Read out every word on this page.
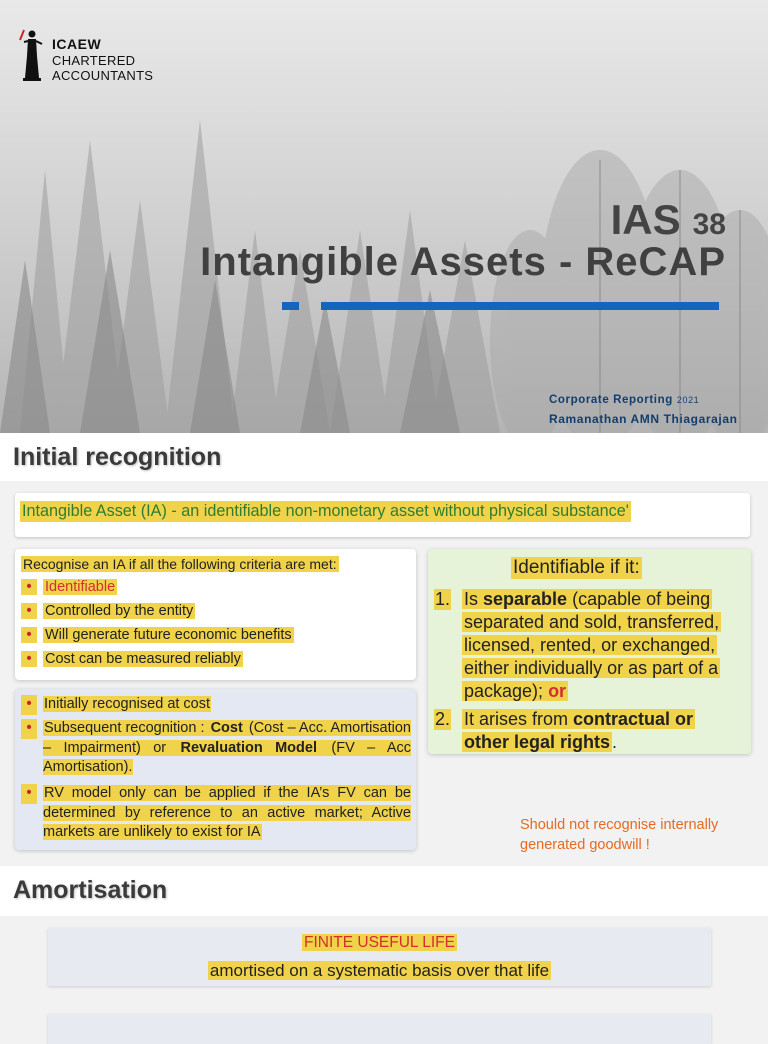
ICAEW
CHARTERED
ACCOUNTANTS
IAS 38
Intangible Assets - ReCAP
Corporate Reporting 2021
Ramanathan AMN Thiagarajan
Initial recognition
Intangible Asset (IA) - an identifiable non-monetary asset without physical substance'
Recognise an IA if all the following criteria are met:
• Identifiable
• Controlled by the entity
• Will generate future economic benefits
• Cost can be measured reliably
• Initially recognised at cost
• Subsequent recognition : Cost (Cost – Acc. Amortisation – Impairment) or Revaluation Model (FV – Acc Amortisation).
• RV model only can be applied if the IA’s FV can be determined by reference to an active market; Active markets are unlikely to exist for IA
Identifiable if it:
1. Is separable (capable of being
separated and sold, transferred,
licensed, rented, or exchanged,
either individually or as part of a
package); or
2. It arises from contractual or
other legal rights .
Should not recognise internally
generated goodwill !
Amortisation
FINITE USEFUL LIFE
amortised on a systematic basis over that life
